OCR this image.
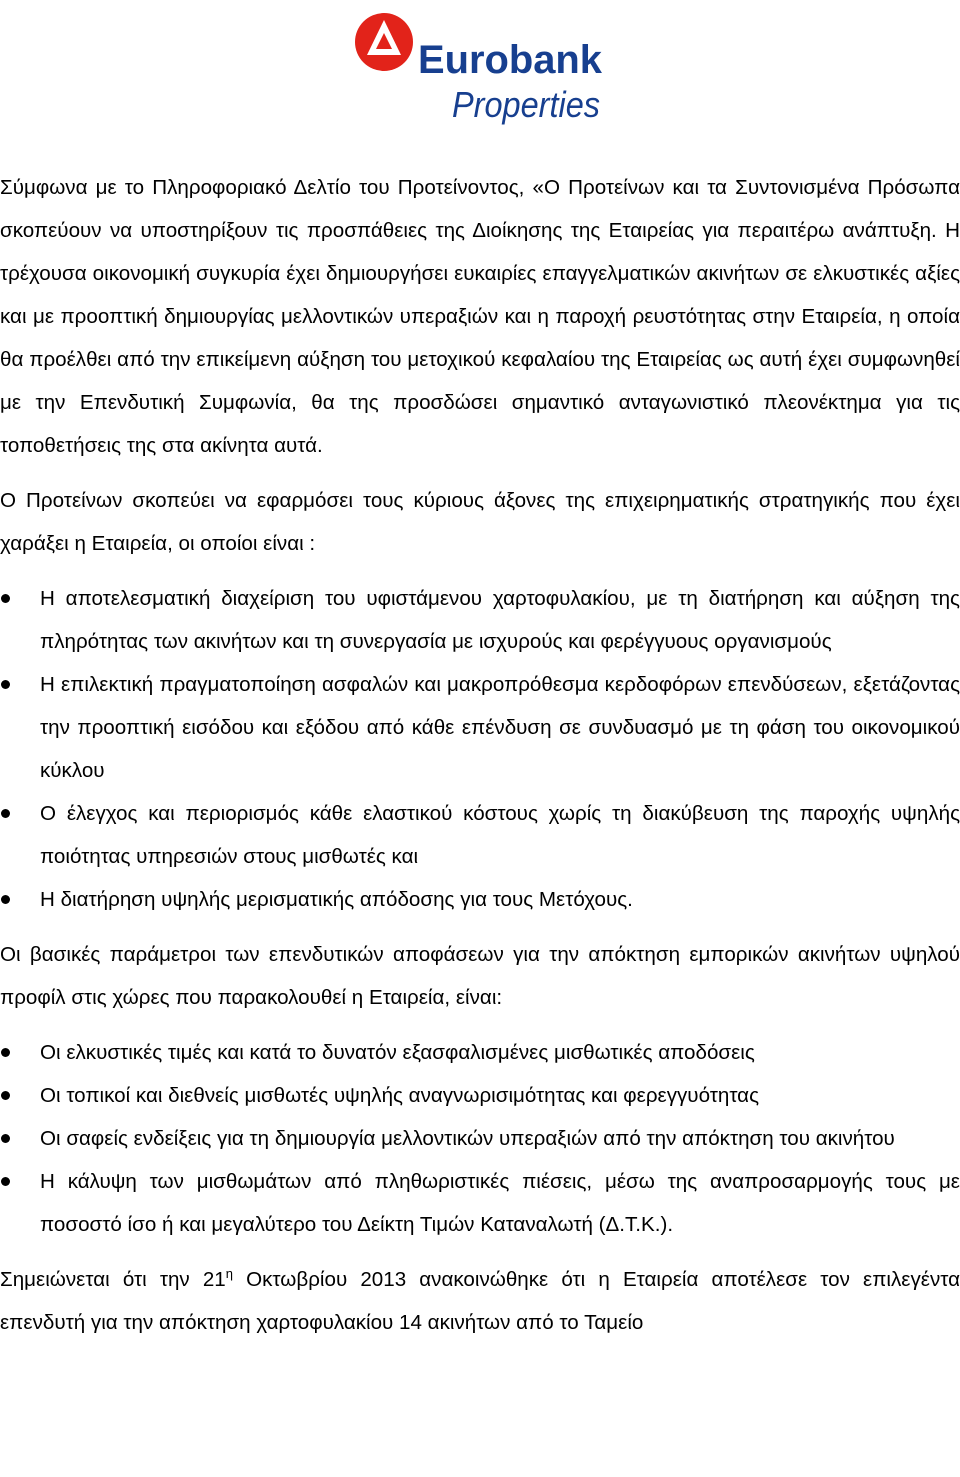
Eurobank
Properties

Σύμφωνα με το Πληροφοριακό Δελτίο του Προτείνοντος, «Ο Προτείνων και τα Συντονισμένα Πρόσωπα σκοπεύουν να υποστηρίξουν τις προσπάθειες της Διοίκησης της Εταιρείας για περαιτέρω ανάπτυξη. Η τρέχουσα οικονομική συγκυρία έχει δημιουργήσει ευκαιρίες επαγγελματικών ακινήτων σε ελκυστικές αξίες και με προοπτική δημιουργίας μελλοντικών υπεραξιών και η παροχή ρευστότητας στην Εταιρεία, η οποία θα προέλθει από την επικείμενη αύξηση του μετοχικού κεφαλαίου της Εταιρείας ως αυτή έχει συμφωνηθεί με την Επενδυτική Συμφωνία, θα της προσδώσει σημαντικό ανταγωνιστικό πλεονέκτημα για τις τοποθετήσεις της στα ακίνητα αυτά.

Ο Προτείνων σκοπεύει να εφαρμόσει τους κύριους άξονες της επιχειρηματικής στρατηγικής που έχει χαράξει η Εταιρεία, οι οποίοι είναι :

Η αποτελεσματική διαχείριση του υφιστάμενου χαρτοφυλακίου, με τη διατήρηση και αύξηση της πληρότητας των ακινήτων και τη συνεργασία με ισχυρούς και φερέγγυους οργανισμούς
Η επιλεκτική πραγματοποίηση ασφαλών και μακροπρόθεσμα κερδοφόρων επενδύσεων, εξετάζοντας την προοπτική εισόδου και εξόδου από κάθε επένδυση σε συνδυασμό με τη φάση του οικονομικού κύκλου
Ο έλεγχος και περιορισμός κάθε ελαστικού κόστους χωρίς τη διακύβευση της παροχής υψηλής ποιότητας υπηρεσιών στους μισθωτές και
Η διατήρηση υψηλής μερισματικής απόδοσης για τους Μετόχους.

Οι βασικές παράμετροι των επενδυτικών αποφάσεων για την απόκτηση εμπορικών ακινήτων υψηλού προφίλ στις χώρες που παρακολουθεί η Εταιρεία, είναι:

Οι ελκυστικές τιμές και κατά το δυνατόν εξασφαλισμένες μισθωτικές αποδόσεις
Οι τοπικοί και διεθνείς μισθωτές υψηλής αναγνωρισιμότητας και φερεγγυότητας
Οι σαφείς ενδείξεις για τη δημιουργία μελλοντικών υπεραξιών από την απόκτηση του ακινήτου
Η κάλυψη των μισθωμάτων από πληθωριστικές πιέσεις, μέσω της αναπροσαρμογής τους με ποσοστό ίσο ή και μεγαλύτερο του Δείκτη Τιμών Καταναλωτή (Δ.Τ.Κ.).

Σημειώνεται ότι την $21^\eta$ Οκτωβρίου 2013 ανακοινώθηκε ότι η Εταιρεία αποτέλεσε τον επιλεγέντα επενδυτή για την απόκτηση χαρτοφυλακίου 14 ακινήτων από το Ταμείο
